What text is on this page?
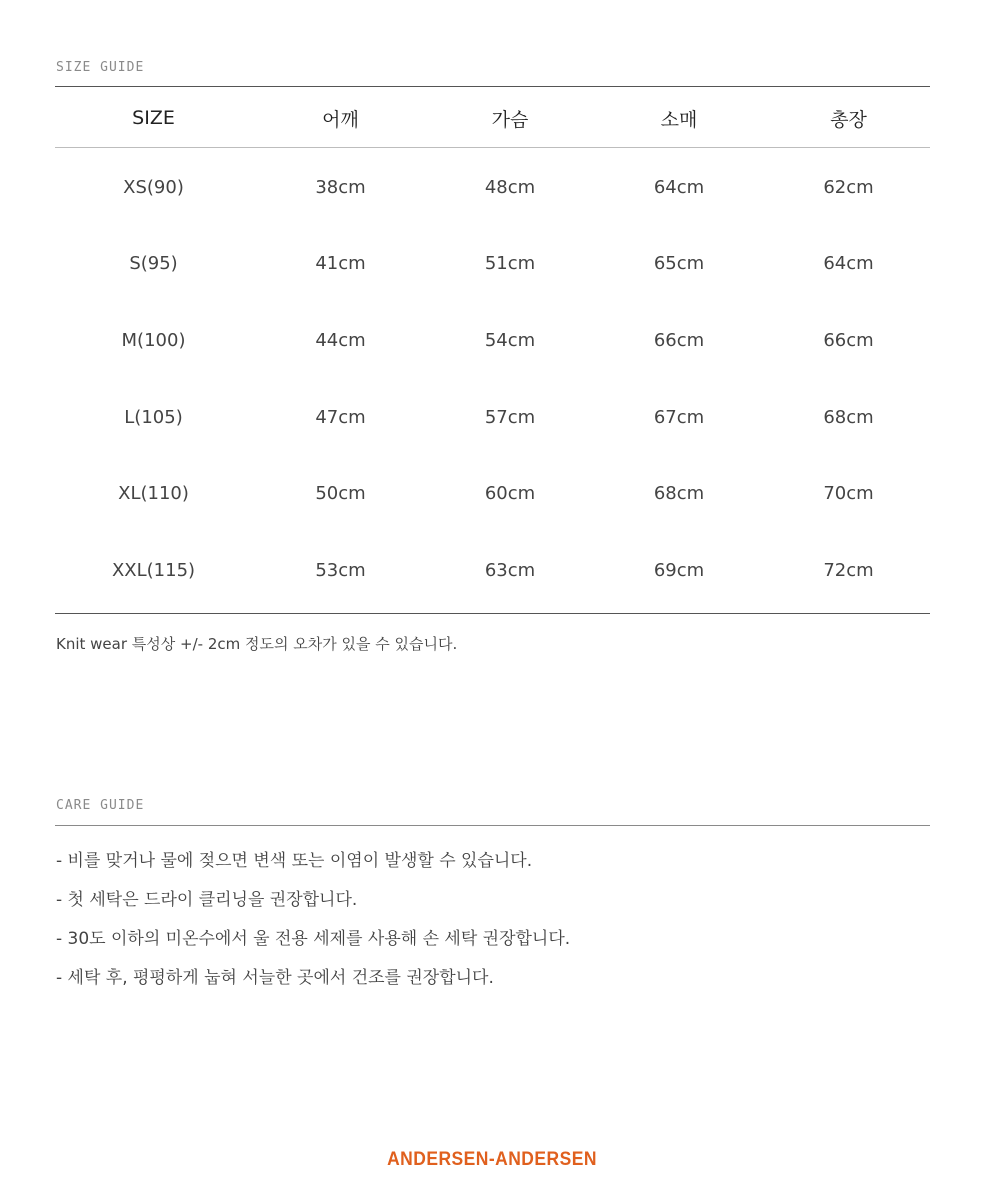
SIZE GUIDE
SIZE	어깨	가슴	소매	총장
XS(90)	38cm	48cm	64cm	62cm
S(95)	41cm	51cm	65cm	64cm
M(100)	44cm	54cm	66cm	66cm
L(105)	47cm	57cm	67cm	68cm
XL(110)	50cm	60cm	68cm	70cm
XXL(115)	53cm	63cm	69cm	72cm
Knit wear 특성상 +/- 2cm 정도의 오차가 있을 수 있습니다.
CARE GUIDE
- 비를 맞거나 물에 젖으면 변색 또는 이염이 발생할 수 있습니다.
- 첫 세탁은 드라이 클리닝을 권장합니다.
- 30도 이하의 미온수에서 울 전용 세제를 사용해 손 세탁 권장합니다.
- 세탁 후, 평평하게 눕혀 서늘한 곳에서 건조를 권장합니다.
ANDERSEN-ANDERSEN
